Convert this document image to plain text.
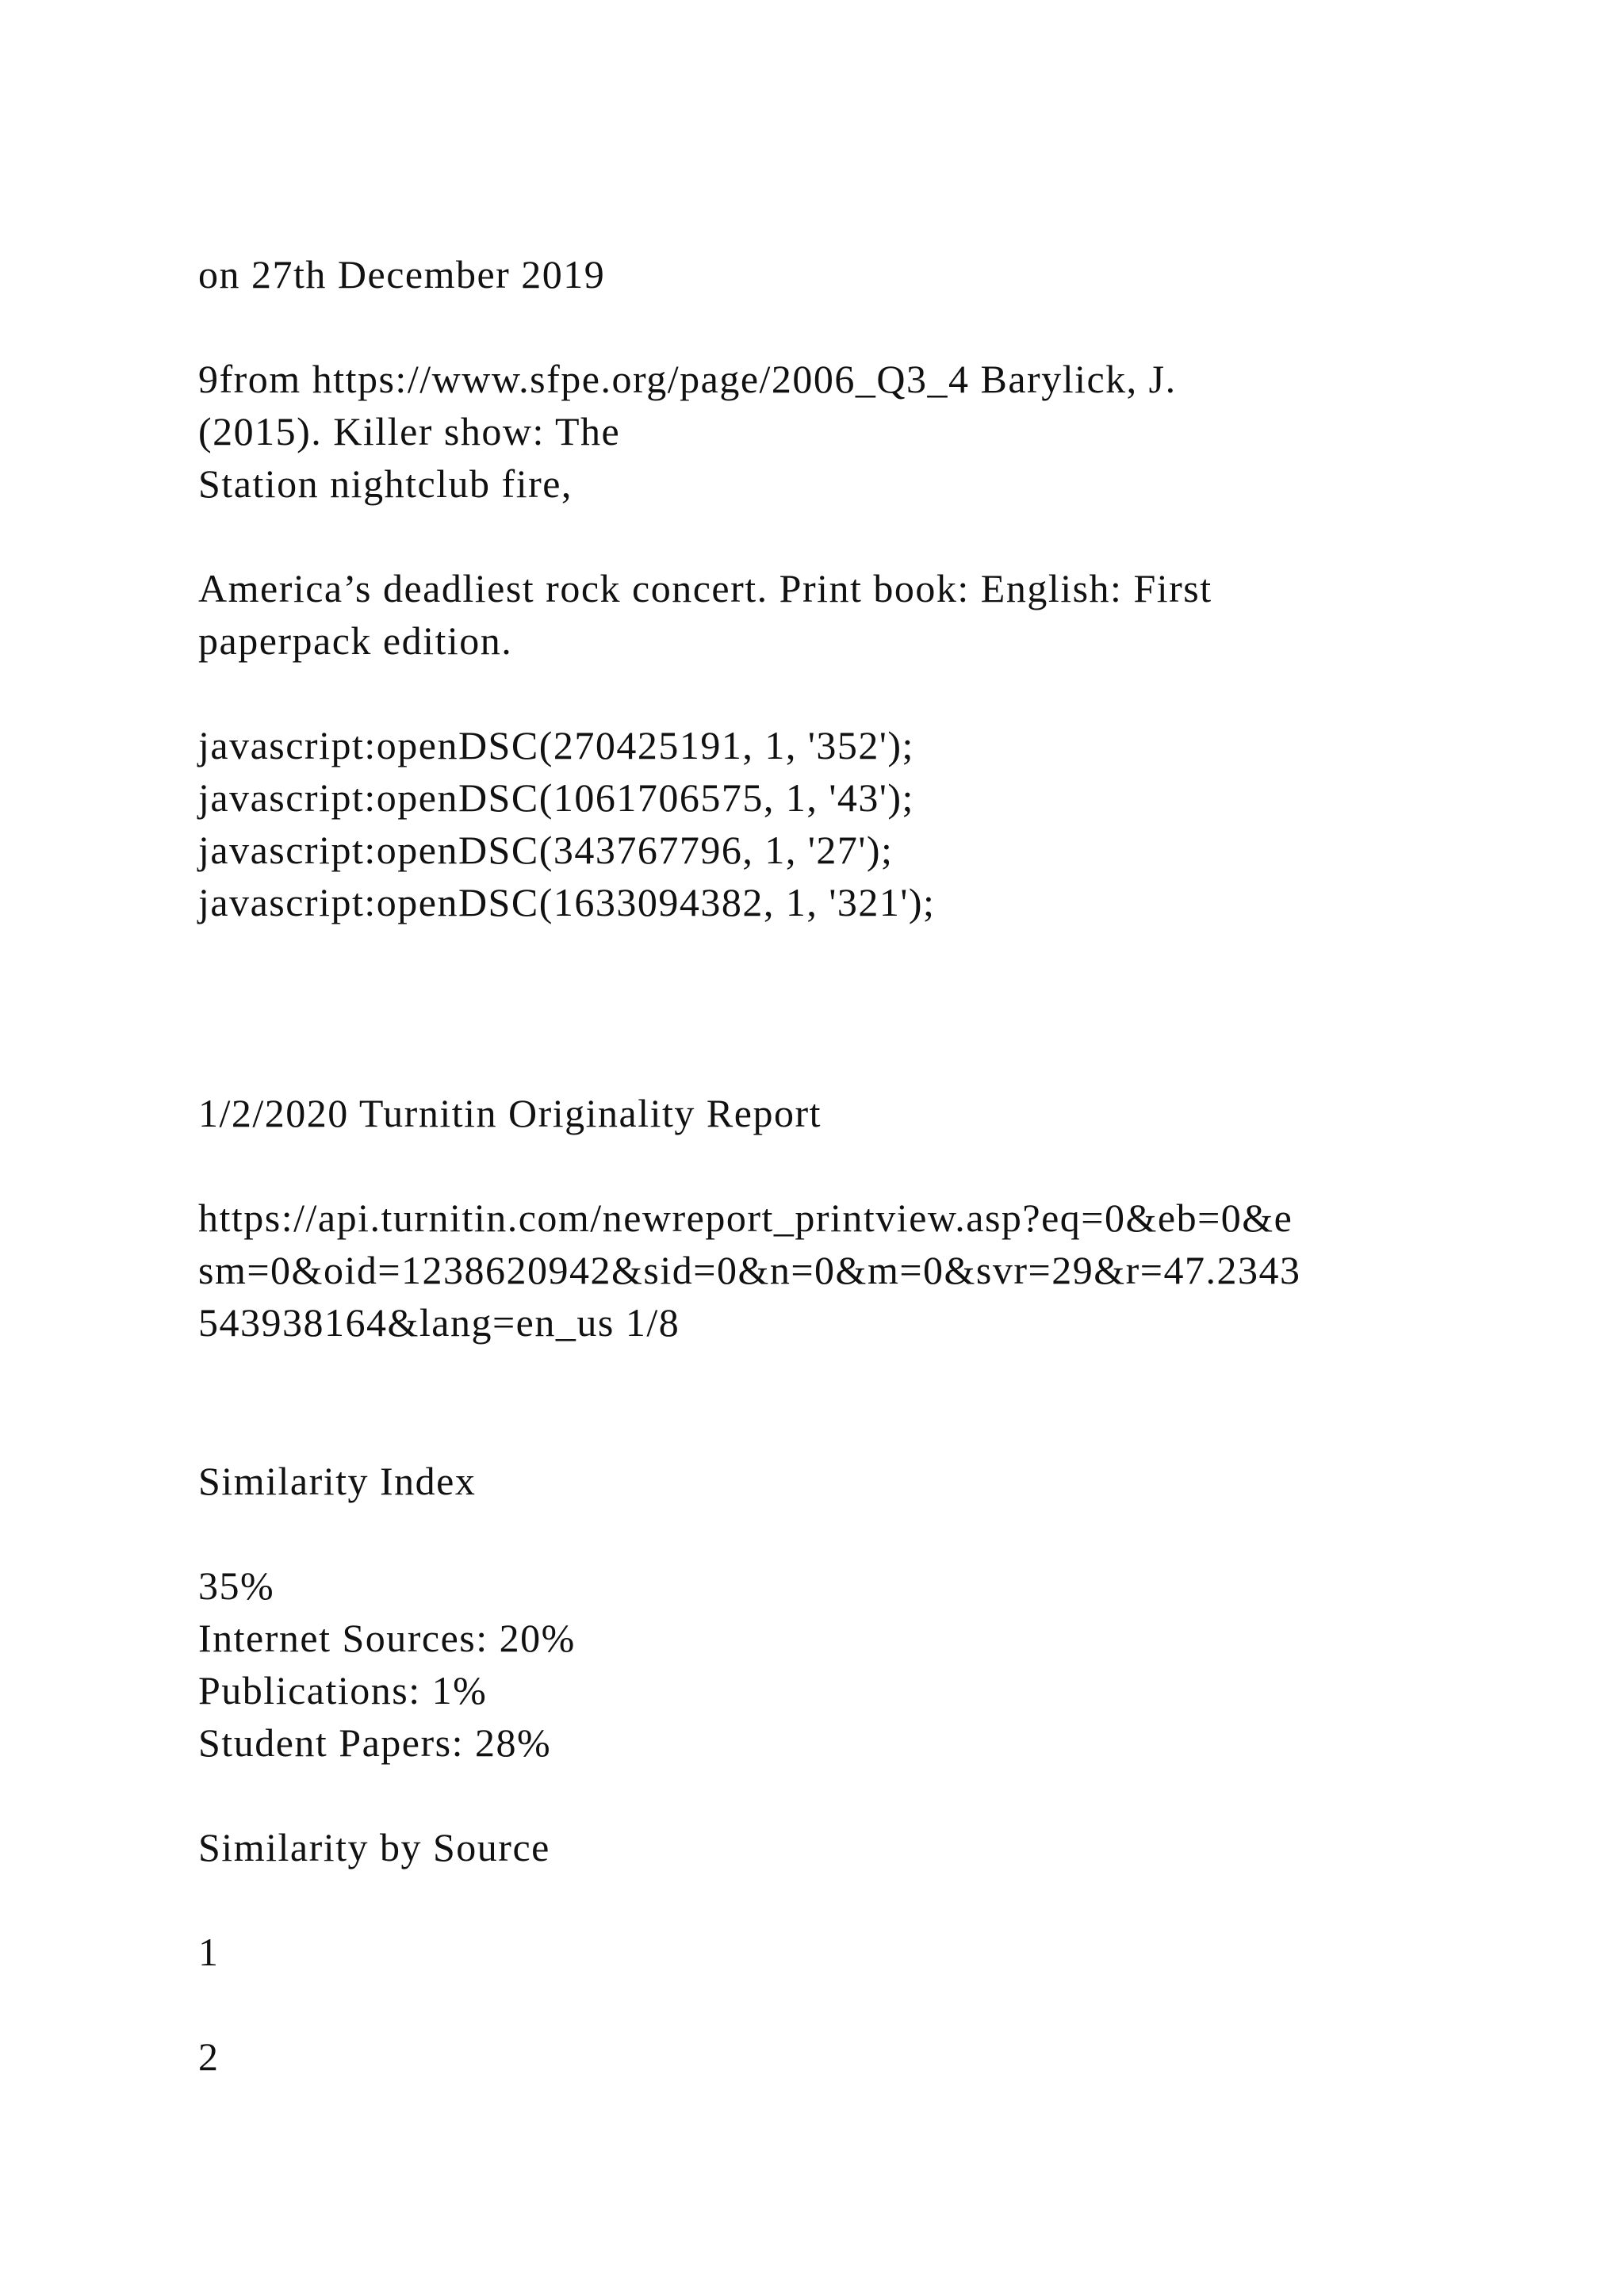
on 27th December 2019
9from https://www.sfpe.org/page/2006_Q3_4 Barylick, J.
(2015). Killer show: The
Station nightclub fire,
America’s deadliest rock concert. Print book: English: First
paperpack edition.
javascript:openDSC(270425191, 1, '352');
javascript:openDSC(1061706575, 1, '43');
javascript:openDSC(343767796, 1, '27');
javascript:openDSC(1633094382, 1, '321');
1/2/2020 Turnitin Originality Report
https://api.turnitin.com/newreport_printview.asp?eq=0&eb=0&e
sm=0&oid=1238620942&sid=0&n=0&m=0&svr=29&r=47.2343
543938164&lang=en_us 1/8
Similarity Index
35%
Internet Sources: 20%
Publications: 1%
Student Papers: 28%
Similarity by Source
1
2
